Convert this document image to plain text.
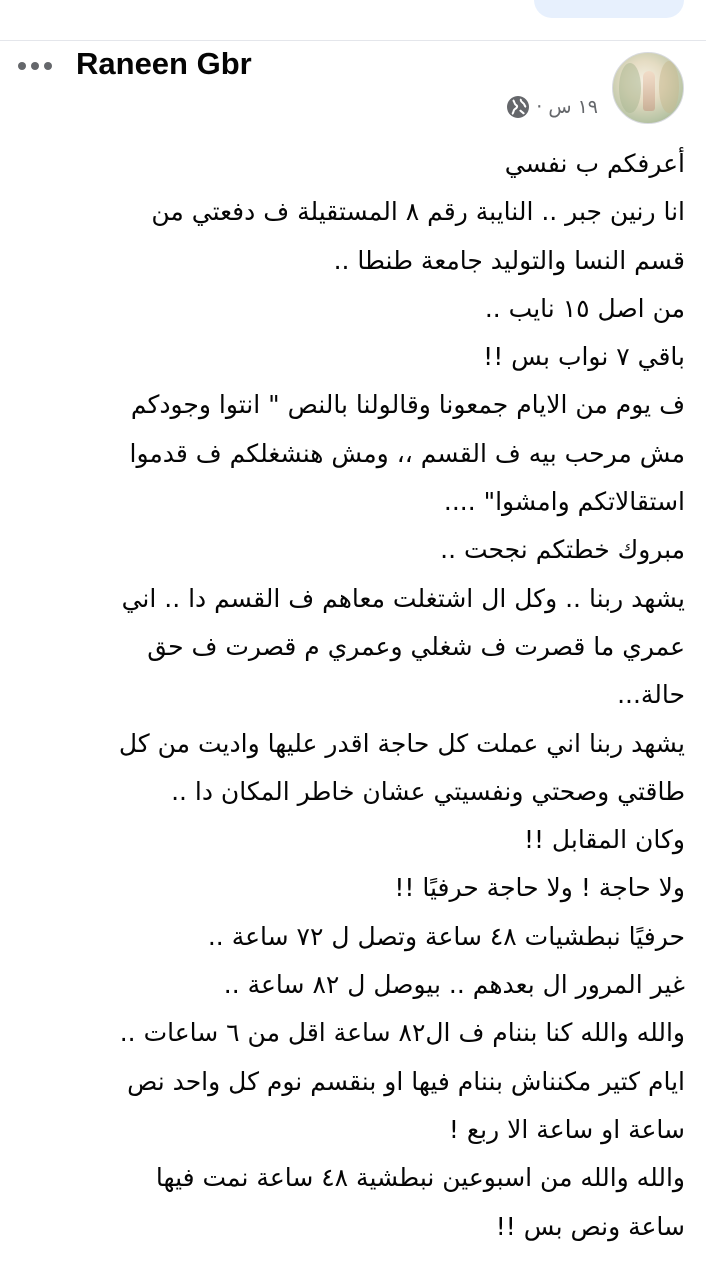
Raneen Gbr
١٩ س
·

أعرفكم ب نفسي

انا رنين جبر .. النايبة رقم ٨ المستقيلة ف دفعتي من

قسم النسا والتوليد جامعة طنطا ..

من اصل ١٥ نايب ..

باقي ٧ نواب بس !!

ف يوم من الايام جمعونا وقالولنا بالنص " انتوا وجودكم

مش مرحب بيه ف القسم ،، ومش هنشغلكم ف قدموا

استقالاتكم وامشوا" ....

مبروك خطتكم نجحت ..

يشهد ربنا .. وكل ال اشتغلت معاهم ف القسم دا .. اني

عمري ما قصرت ف شغلي وعمري م قصرت ف حق

حالة...

يشهد ربنا اني عملت كل حاجة اقدر عليها واديت من كل

طاقتي وصحتي ونفسيتي عشان خاطر المكان دا ..

وكان المقابل !!

ولا حاجة ! ولا حاجة حرفيًا !!

حرفيًا نبطشيات ٤٨ ساعة وتصل ل ٧٢ ساعة ..

غير المرور ال بعدهم .. بيوصل ل ٨٢ ساعة ..

والله والله كنا بننام ف ال٨٢ ساعة اقل من ٦ ساعات ..

ايام كتير مكنناش بننام فيها او بنقسم نوم كل واحد نص

ساعة او ساعة الا ربع !

والله والله من اسبوعين نبطشية ٤٨ ساعة نمت فيها

ساعة ونص بس !!
